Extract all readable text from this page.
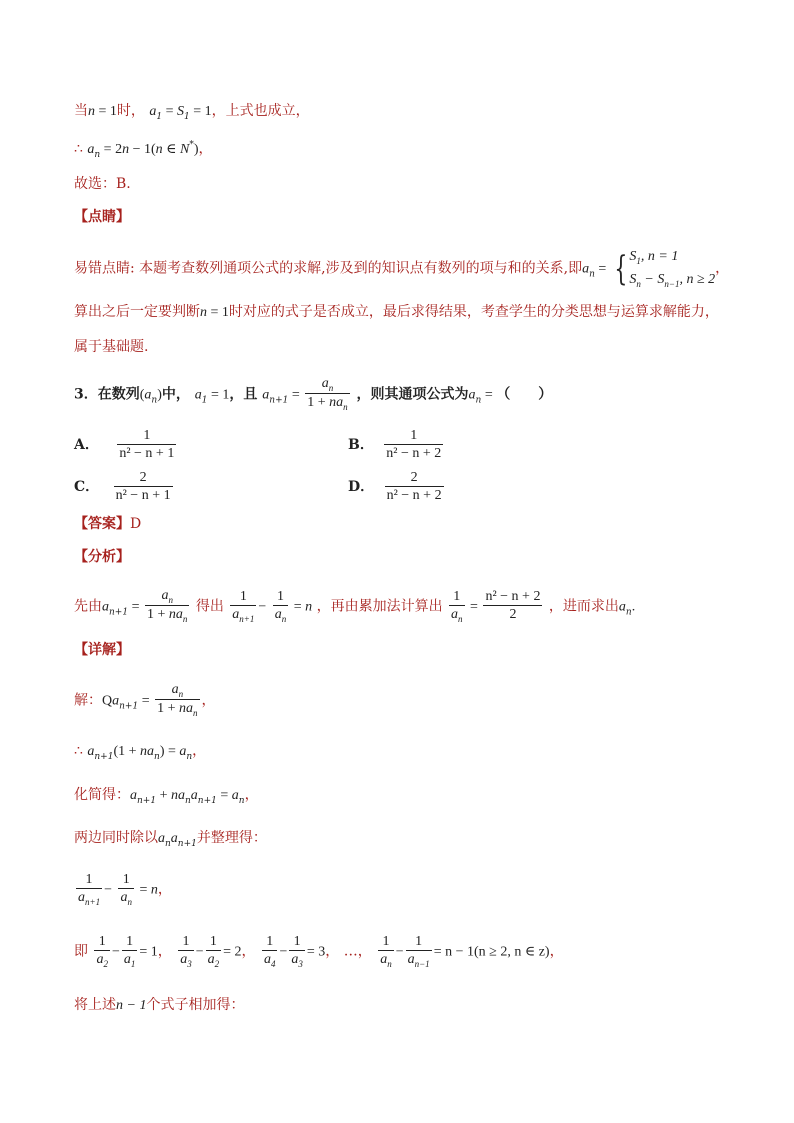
当n = 1时， $a_1 = S_1 = 1$，上式也成立，
∴ $a_n = 2n - 1(n$ ∈ N*)，
故选：B.
【点睛】
易错点睛: 本题考查数列通项公式的求解,涉及到的知识点有数列的项与和的关系,即$a_n$ = { $S_1$, n = 1
$S_n - S_{n-1}$, n ≥ 2
，
算出之后一定要判断n = 1时对应的式子是否成立，最后求得结果，考查学生的分类思想与运算求解能力，
属于基础题.
3．在数列$(a_n)$中， $a_1 = 1$，且 $a_{n+1} = \frac{a_n}{1 + na_n}$ ，则其通项公式为$a_n$ = （　　）
A． $\frac{1}{\text{n² − n + 1}}$	B． $\frac{1}{\text{n² − n + 2}}$
C． $\frac{2}{\text{n² − n + 1}}$	D． $\frac{2}{\text{n² − n + 2}}$
【答案】D
【分析】
先由$a_{n+1} = \frac{a_n}{1 + na_n}$ 得出 $\frac{1}{a_{n+1}} - \frac{1}{a_n} = n$ ，再由累加法计算出 $\frac{1}{a_n} = \frac{\text{n² − n + 2}}{2}$ ，进而求出$a_n$.
【详解】
解：$Qa_{n+1} = \frac{a_n}{1 + na_n}$ ，
∴ $a_{n+1}(1 + na_n) = a_n$，
化简得：$a_{n+1} + na_na_{n+1} = a_n$，
两边同时除以$a_na_{n+1}$并整理得：
$\frac{1}{a_{n+1}} - \frac{1}{a_n} = n$，
即 $\frac{1}{a_2} - \frac{1}{a_1} = 1$， $\frac{1}{a_3} - \frac{1}{a_2} = 2$， $\frac{1}{a_4} - \frac{1}{a_3} = 3$， …， $\frac{1}{a_n} - \frac{1}{a_{n-1}} = n - 1(n \ge 2$, n ∈ z)，
将上述n − 1个式子相加得：
